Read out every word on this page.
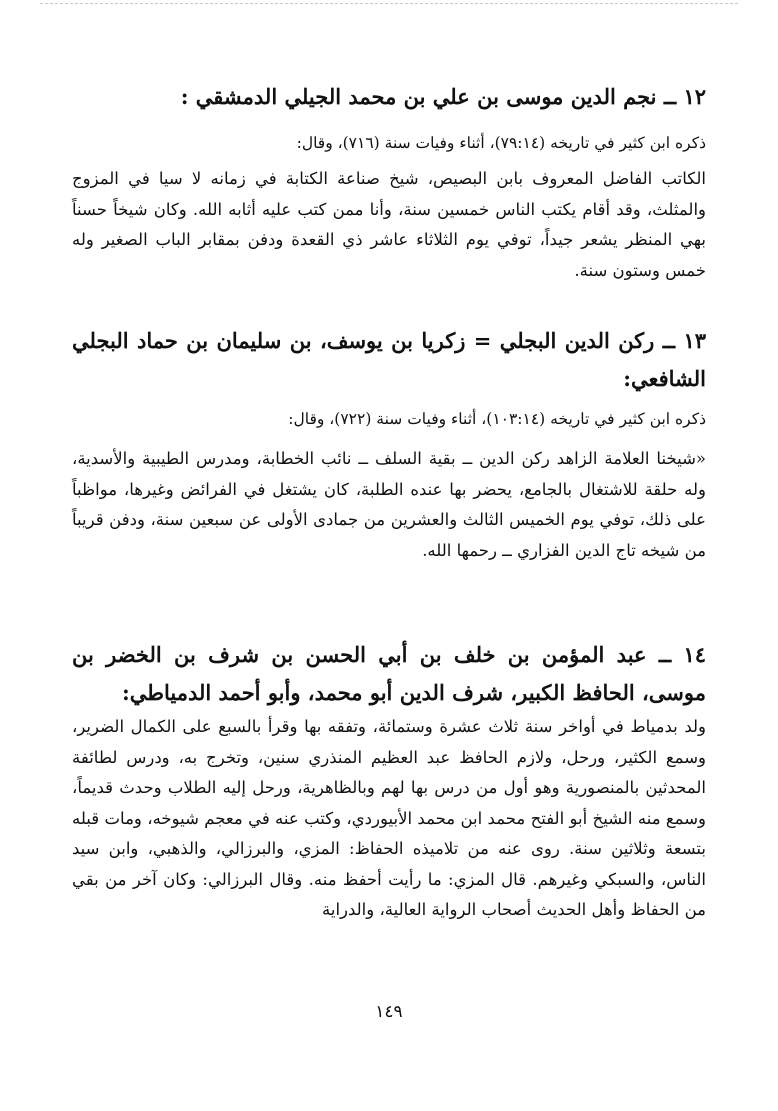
١٢ ــ نجم الدين موسى بن علي بن محمد الجيلي الدمشقي :
ذكره ابن كثير في تاريخه (٧٩:١٤)، أثناء وفيات سنة (٧١٦)، وقال:
الكاتب الفاضل المعروف بابن البصيص، شيخ صناعة الكتابة في زمانه لا سيا في المزوج والمثلث، وقد أقام يكتب الناس خمسين سنة، وأنا ممن كتب عليه أثابه الله. وكان شيخاً حسناً بهي المنظر يشعر جيداً، توفي يوم الثلاثاء عاشر ذي القعدة ودفن بمقابر الباب الصغير وله خمس وستون سنة.
١٣ ــ ركن الدين البجلي = زكريا بن يوسف، بن سليمان بن حماد البجلي الشافعي:
ذكره ابن كثير في تاريخه (١٠٣:١٤)، أثناء وفيات سنة (٧٢٢)، وقال:
«شيخنا العلامة الزاهد ركن الدين ــ بقية السلف ــ نائب الخطابة، ومدرس الطيبية والأسدية، وله حلقة للاشتغال بالجامع، يحضر بها عنده الطلبة، كان يشتغل في الفرائض وغيرها، مواظباً على ذلك، توفي يوم الخميس الثالث والعشرين من جمادى الأولى عن سبعين سنة، ودفن قريباً من شيخه تاج الدين الفزاري ــ رحمها الله.
١٤ ــ عبد المؤمن بن خلف بن أبي الحسن بن شرف بن الخضر بن موسى، الحافظ الكبير، شرف الدين أبو محمد، وأبو أحمد الدمياطي:
ولد بدمياط في أواخر سنة ثلاث عشرة وستمائة، وتفقه بها وقرأ بالسبع على الكمال الضرير، وسمع الكثير، ورحل، ولازم الحافظ عبد العظيم المنذري سنين، وتخرج به، ودرس لطائفة المحدثين بالمنصورية وهو أول من درس بها لهم وبالظاهرية، ورحل إليه الطلاب وحدث قديماً، وسمع منه الشيخ أبو الفتح محمد ابن محمد الأبيوردي، وكتب عنه في معجم شيوخه، ومات قبله بتسعة وثلاثين سنة. روى عنه من تلاميذه الحفاظ: المزي، والبرزالي، والذهبي، وابن سيد الناس، والسبكي وغيرهم. قال المزي: ما رأيت أحفظ منه. وقال البرزالي: وكان آخر من بقي من الحفاظ وأهل الحديث أصحاب الرواية العالية، والدراية
١٤٩
